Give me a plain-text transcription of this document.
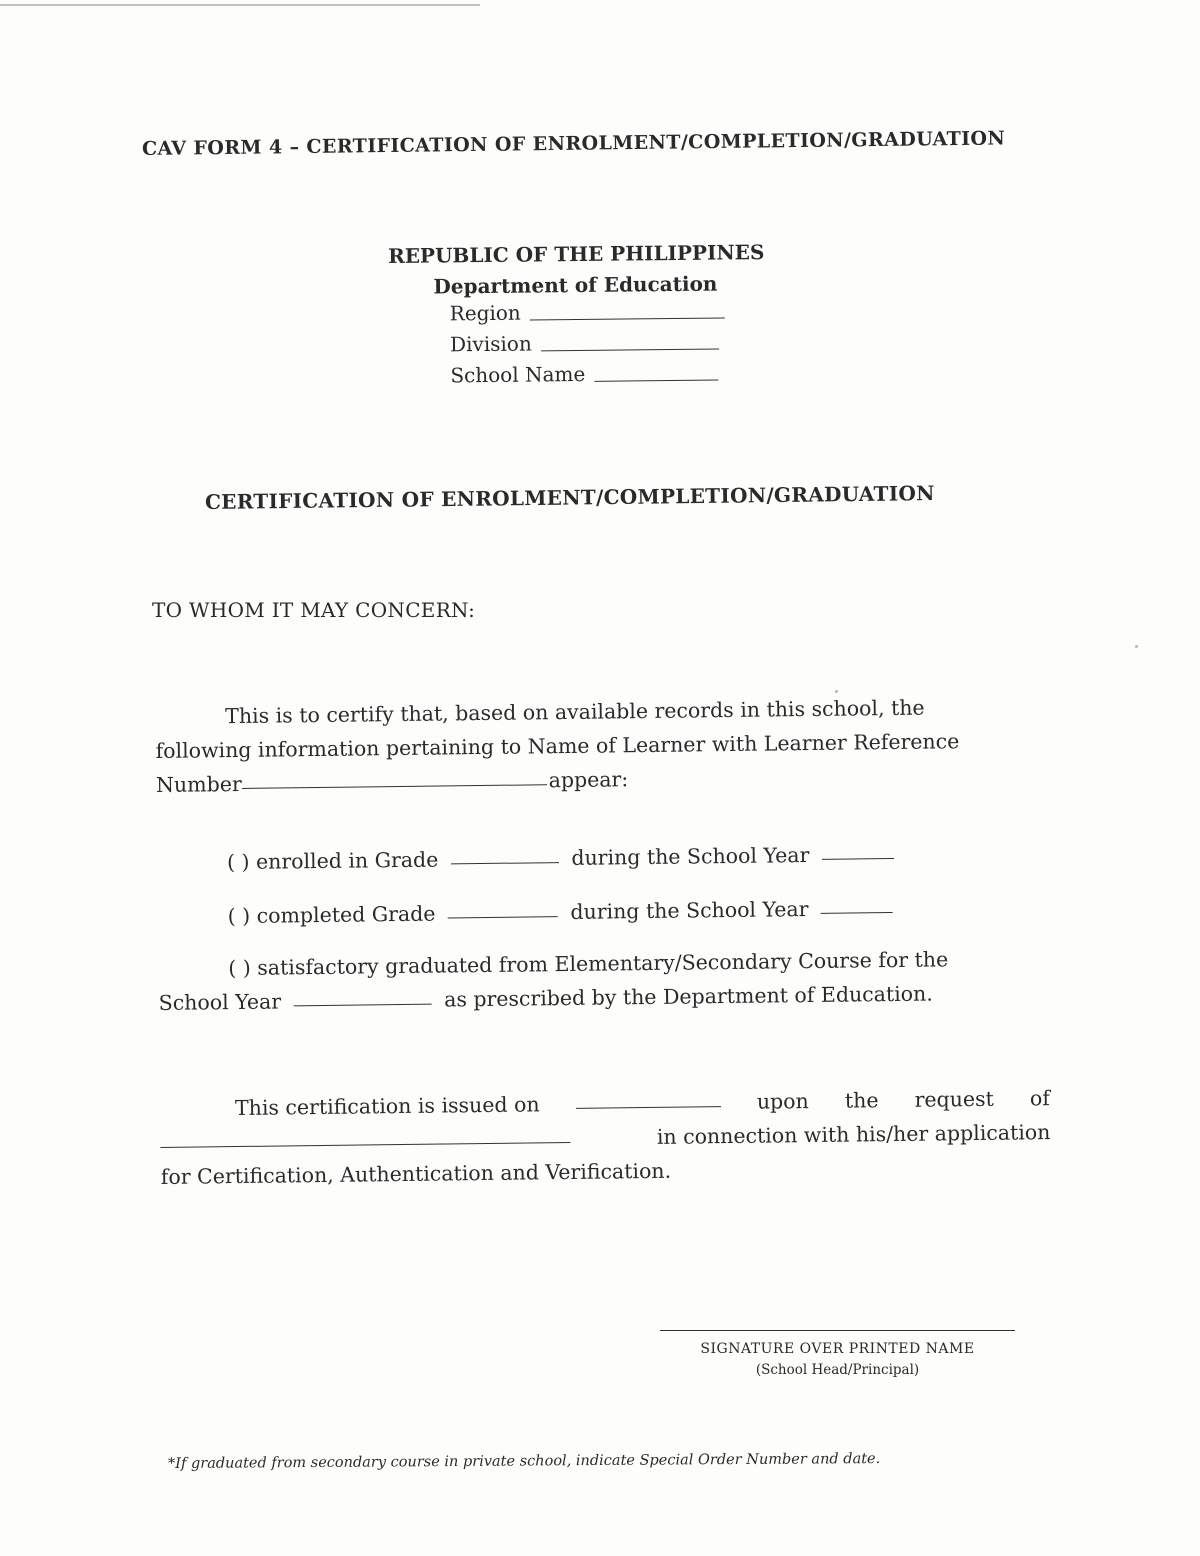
CAV FORM 4 – CERTIFICATION OF ENROLMENT/COMPLETION/GRADUATION
REPUBLIC OF THE PHILIPPINES
Department of Education
Region
Division
School Name
CERTIFICATION OF ENROLMENT/COMPLETION/GRADUATION
TO WHOM IT MAY CONCERN:
This is to certify that, based on available records in this school, the
following information pertaining to Name of Learner with Learner Reference
Number	appear:
( ) enrolled in Grade	during the School Year
( ) completed Grade	during the School Year
( ) satisfactory graduated from Elementary/Secondary Course for the
School Year	as prescribed by the Department of Education.
This certification is issued on	upon the request of
in connection with his/her application
for Certification, Authentication and Verification.
SIGNATURE OVER PRINTED NAME
(School Head/Principal)
*If graduated from secondary course in private school, indicate Special Order Number and date.
